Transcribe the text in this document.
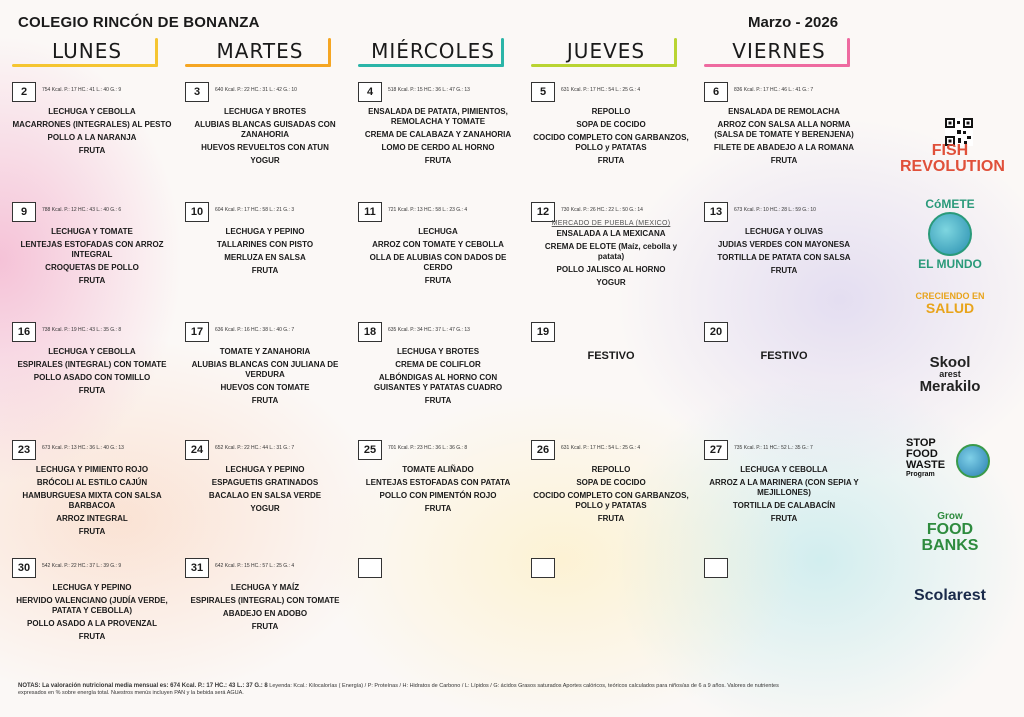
COLEGIO RINCÓN DE BONANZA	Marzo - 2026
LUNES	MARTES	MIÉRCOLES	JUEVES	VIERNES
2	754 Kcal. P.: 17 HC.: 41 L.: 40 G.: 9
LECHUGA Y CEBOLLA
MACARRONES (INTEGRALES) AL PESTO
POLLO A LA NARANJA
FRUTA
3	640 Kcal. P.: 22 HC.: 31 L.: 42 G.: 10
LECHUGA Y BROTES
ALUBIAS BLANCAS GUISADAS CON ZANAHORIA
HUEVOS REVUELTOS CON ATUN
YOGUR
4	518 Kcal. P.: 15 HC.: 36 L.: 47 G.: 13
ENSALADA DE PATATA, PIMIENTOS, REMOLACHA Y TOMATE
CREMA DE CALABAZA Y ZANAHORIA
LOMO DE CERDO AL HORNO
FRUTA
5	631 Kcal. P.: 17 HC.: 54 L.: 25 G.: 4
REPOLLO
SOPA DE COCIDO
COCIDO COMPLETO CON GARBANZOS, POLLO y PATATAS
FRUTA
6	836 Kcal. P.: 17 HC.: 46 L.: 41 G.: 7
ENSALADA DE REMOLACHA
ARROZ CON SALSA ALLA NORMA (SALSA DE TOMATE Y BERENJENA)
FILETE DE ABADEJO A LA ROMANA
FRUTA
9	788 Kcal. P.: 12 HC.: 43 L.: 40 G.: 6
LECHUGA Y TOMATE
LENTEJAS ESTOFADAS CON ARROZ INTEGRAL
CROQUETAS DE POLLO
FRUTA
10	604 Kcal. P.: 17 HC.: 58 L.: 21 G.: 3
LECHUGA Y PEPINO
TALLARINES CON PISTO
MERLUZA EN SALSA
FRUTA
11	721 Kcal. P.: 13 HC.: 58 L.: 23 G.: 4
LECHUGA
ARROZ CON TOMATE Y CEBOLLA
OLLA DE ALUBIAS CON DADOS DE CERDO
FRUTA
12	730 Kcal. P.: 26 HC.: 22 L.: 50 G.: 14
MERCADO DE PUEBLA (MEXICO)
ENSALADA A LA MEXICANA
CREMA DE ELOTE (Maíz, cebolla y patata)
POLLO JALISCO AL HORNO
YOGUR
13	673 Kcal. P.: 10 HC.: 28 L.: 59 G.: 10
LECHUGA Y OLIVAS
JUDIAS VERDES CON MAYONESA
TORTILLA DE PATATA CON SALSA
FRUTA
16	738 Kcal. P.: 19 HC.: 43 L.: 35 G.: 8
LECHUGA Y CEBOLLA
ESPIRALES (INTEGRAL) CON TOMATE
POLLO ASADO CON TOMILLO
FRUTA
17	636 Kcal. P.: 16 HC.: 38 L.: 40 G.: 7
TOMATE Y ZANAHORIA
ALUBIAS BLANCAS CON JULIANA DE VERDURA
HUEVOS CON TOMATE
FRUTA
18	635 Kcal. P.: 34 HC.: 37 L.: 47 G.: 13
LECHUGA Y BROTES
CREMA DE COLIFLOR
ALBÓNDIGAS AL HORNO CON GUISANTES Y PATATAS CUADRO
FRUTA
19
FESTIVO
20
FESTIVO
23	673 Kcal. P.: 13 HC.: 36 L.: 40 G.: 13
LECHUGA Y PIMIENTO ROJO
BRÓCOLI AL ESTILO CAJÚN
HAMBURGUESA MIXTA CON SALSA BARBACOA
ARROZ INTEGRAL
FRUTA
24	652 Kcal. P.: 22 HC.: 44 L.: 31 G.: 7
LECHUGA Y PEPINO
ESPAGUETIS GRATINADOS
BACALAO EN SALSA VERDE
YOGUR
25	701 Kcal. P.: 23 HC.: 36 L.: 36 G.: 8
TOMATE ALIÑADO
LENTEJAS ESTOFADAS CON PATATA
POLLO CON PIMENTÓN ROJO
FRUTA
26	631 Kcal. P.: 17 HC.: 54 L.: 25 G.: 4
REPOLLO
SOPA DE COCIDO
COCIDO COMPLETO CON GARBANZOS, POLLO y PATATAS
FRUTA
27	735 Kcal. P.: 11 HC.: 52 L.: 35 G.: 7
LECHUGA Y CEBOLLA
ARROZ A LA MARINERA (CON SEPIA Y MEJILLONES)
TORTILLA DE CALABACÍN
FRUTA
30	542 Kcal. P.: 22 HC.: 37 L.: 39 G.: 9
LECHUGA Y PEPINO
HERVIDO VALENCIANO (JUDÍA VERDE, PATATA Y CEBOLLA)
POLLO ASADO A LA PROVENZAL
FRUTA
31	642 Kcal. P.: 15 HC.: 57 L.: 25 G.: 4
LECHUGA Y MAÍZ
ESPIRALES (INTEGRAL) CON TOMATE
ABADEJO EN ADOBO
FRUTA
FISH
REVOLUTION
CóMETE
EL MUNDO
CRECIENDO EN
SALUD
Skool
arest
Merakilo
STOP
FOOD
WASTE
Program
Grow
FOOD
BANKS
Scolarest
NOTAS: La valoración nutricional media mensual es: 674 Kcal. P.: 17 HC.: 43 L.: 37 G.: 8 Leyenda: Kcal.: Kilocalorías ( Energía) / P: Proteínas / H: Hidratos de Carbono / L: Lípidos / G: ácidos Grasos saturados Aportes calóricos, teóricos calculados para niños/as de 6 a 9 años. Valores de nutrientes expresados en % sobre energía total. Nuestros menús incluyen PAN y la bebida será AGUA.
